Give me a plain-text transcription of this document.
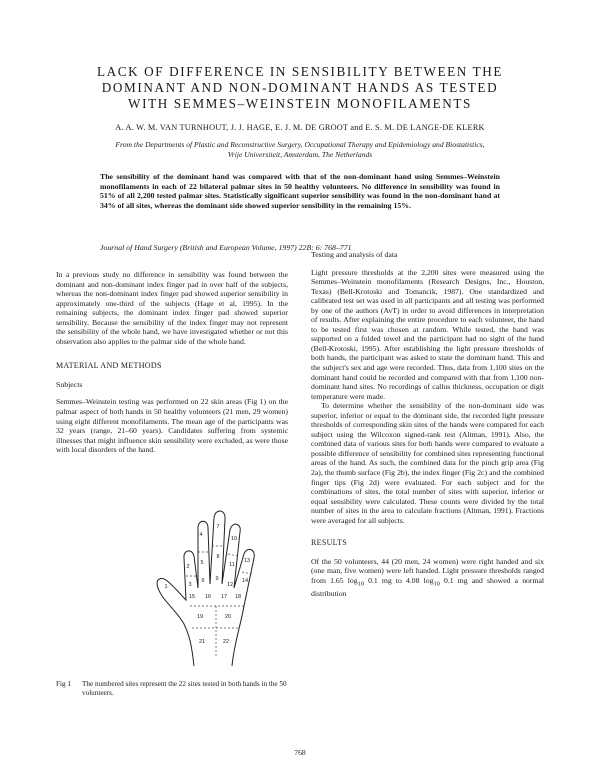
LACK OF DIFFERENCE IN SENSIBILITY BETWEEN THE
DOMINANT AND NON-DOMINANT HANDS AS TESTED
WITH SEMMES–WEINSTEIN MONOFILAMENTS
A. A. W. M. VAN TURNHOUT, J. J. HAGE, E. J. M. DE GROOT and E. S. M. DE LANGE-DE KLERK
From the Departments of Plastic and Reconstructive Surgery, Occupational Therapy and Epidemiology and Biostatistics,
Vrije Universiteit, Amsterdam, The Netherlands
The sensibility of the dominant hand was compared with that of the non-dominant hand using Semmes–Weinstein monofilaments in each of 22 bilateral palmar sites in 50 healthy volunteers. No difference in sensibility was found in 51% of all 2,200 tested palmar sites. Statistically significant superior sensibility was found in the non-dominant hand at 34% of all sites, whereas the dominant side showed superior sensibility in the remaining 15%.
Journal of Hand Surgery (British and European Volume, 1997) 22B: 6: 768–771

In a previous study no difference in sensibility was found between the dominant and non-dominant index finger pad in over half of the subjects, whereas the non-dominant index finger pad showed superior sensibility in approximately one-third of the subjects (Hage et al, 1995). In the remaining subjects, the dominant index finger pad showed superior sensibility. Because the sensibility of the index finger may not represent the sensibility of the whole hand, we have investigated whether or not this observation also applies to the palmar side of the whole hand.

MATERIAL AND METHODS
Subjects

Semmes–Weinstein testing was performed on 22 skin areas (Fig 1) on the palmar aspect of both hands in 50 healthy volunteers (21 men, 29 women) using eight different monofilaments. The mean age of the participants was 32 years (range, 21–60 years). Candidates suffering from systemic illnesses that might influence skin sensibility were excluded, as were those with local disorders of the hand.

1
2
3
4
5
6
7
8
9
10
11
12
13
14
15 16 17 18
19	20
21	22
Fig 1	The numbered sites represent the 22 sites tested in both hands in the 50 volunteers.
Testing and analysis of data

Light pressure thresholds at the 2,200 sites were measured using the Semmes–Weinstein monofilaments (Research Designs, Inc., Houston, Texas) (Bell-Krotoski and Tomancik, 1987). One standardized and calibrated test set was used in all participants and all testing was performed by one of the authors (AvT) in order to avoid differences in interpretation of results. After explaining the entire procedure to each volunteer, the hand to be tested first was chosen at random. While tested, the hand was supported on a folded towel and the participant had no sight of the hand (Bell-Krotoski, 1995). After establishing the light pressure thresholds of both hands, the participant was asked to state the dominant hand. This and the subject's sex and age were recorded. Thus, data from 1,100 sites on the dominant hand could be recorded and compared with that from 1,100 non-dominant hand sites. No recordings of callus thickness, occupation or digit temperature were made.

To determine whether the sensibility of the non-dominant side was superior, inferior or equal to the dominant side, the recorded light pressure thresholds of corresponding skin sites of the hands were compared for each subject using the Wilcoxon signed-rank test (Altman, 1991). Also, the combined data of various sites for both hands were compared to evaluate a possible difference of sensibility for combined sites representing functional areas of the hand. As such, the combined data for the pinch grip area (Fig 2a), the thumb surface (Fig 2b), the index finger (Fig 2c) and the combined finger tips (Fig 2d) were evaluated. For each subject and for the combinations of sites, the total number of sites with superior, inferior or equal sensibility were calculated. These counts were divided by the total number of sites in the area to calculate fractions (Altman, 1991). Fractions were averaged for all subjects.

RESULTS

Of the 50 volunteers, 44 (20 men, 24 women) were right handed and six (one man, five women) were left handed. Light pressure thresholds ranged from 1.65 $\log_{10} 0.1$ mg to 4.08 $\log_{10} 0.1$ mg and showed a normal distribution

768
